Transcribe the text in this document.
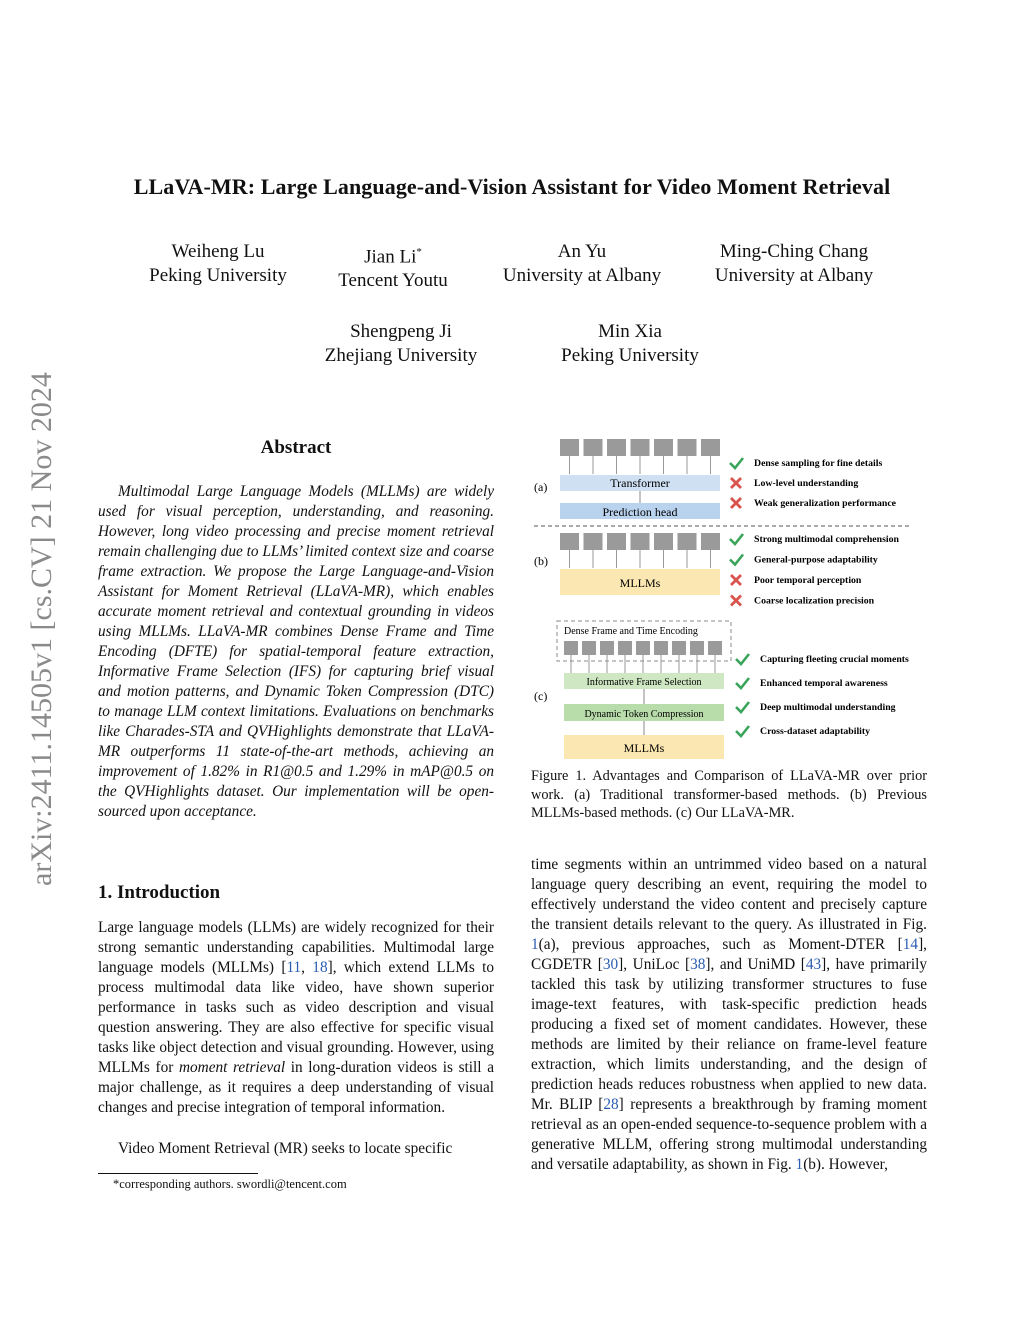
LLaVA-MR: Large Language-and-Vision Assistant for Video Moment Retrieval
Weiheng Lu
Peking University
Jian Li*
Tencent Youtu
An Yu
University at Albany
Ming-Ching Chang
University at Albany
Shengpeng Ji
Zhejiang University
Min Xia
Peking University
arXiv:2411.14505v1 [cs.CV] 21 Nov 2024	Abstract
Multimodal Large Language Models (MLLMs) are widely used for visual perception, understanding, and reasoning. However, long video processing and precise moment retrieval remain challenging due to LLMs’ limited context size and coarse frame extraction. We propose the Large Language-and-Vision Assistant for Moment Retrieval (LLaVA-MR), which enables accurate moment retrieval and contextual grounding in videos using MLLMs. LLaVA-MR combines Dense Frame and Time Encoding (DFTE) for spatial-temporal feature extraction, Informative Frame Selection (IFS) for capturing brief visual and motion patterns, and Dynamic Token Compression (DTC) to manage LLM context limitations. Evaluations on benchmarks like Charades-STA and QVHighlights demonstrate that LLaVA-MR outperforms 11 state-of-the-art methods, achieving an improvement of 1.82% in R1@0.5 and 1.29% in mAP@0.5 on the QVHighlights dataset. Our implementation will be open-sourced upon acceptance.
1. Introduction
Large language models (LLMs) are widely recognized for their strong semantic understanding capabilities. Multimodal large language models (MLLMs) [11, 18], which extend LLMs to process multimodal data like video, have shown superior performance in tasks such as video description and visual question answering. They are also effective for specific visual tasks like object detection and visual grounding. However, using MLLMs for moment retrieval in long-duration videos is still a major challenge, as it requires a deep understanding of visual changes and precise integration of temporal information.
Video Moment Retrieval (MR) seeks to locate specific
time segments within an untrimmed video based on a natural language query describing an event, requiring the model to effectively understand the video content and precisely capture the transient details relevant to the query. As illustrated in Fig. 1(a), previous approaches, such as Moment-DTER [14], CGDETR [30], UniLoc [38], and UniMD [43], have primarily tackled this task by utilizing transformer structures to fuse image-text features, with task-specific prediction heads producing a fixed set of moment candidates. However, these methods are limited by their reliance on frame-level feature extraction, which limits understanding, and the design of prediction heads reduces robustness when applied to new data. Mr. BLIP [28] represents a breakthrough by framing moment retrieval as an open-ended sequence-to-sequence problem with a generative MLLM, offering strong multimodal understanding and versatile adaptability, as shown in Fig. 1(b). However,
*corresponding authors. swordli@tencent.com
(a)	Transformer
Prediction head
Dense sampling for fine details
Low-level understanding
Weak generalization performance
(b)
MLLMs
Strong multimodal comprehension
General-purpose adaptability
Poor temporal perception
Coarse localization precision
(c)
Dense Frame and Time Encoding
Informative Frame Selection
Dynamic Token Compression
MLLMs
Capturing fleeting crucial moments
Enhanced temporal awareness
Deep multimodal understanding
Cross-dataset adaptability
Figure 1. Advantages and Comparison of LLaVA-MR over prior work. (a) Traditional transformer-based methods. (b) Previous MLLMs-based methods. (c) Our LLaVA-MR.
